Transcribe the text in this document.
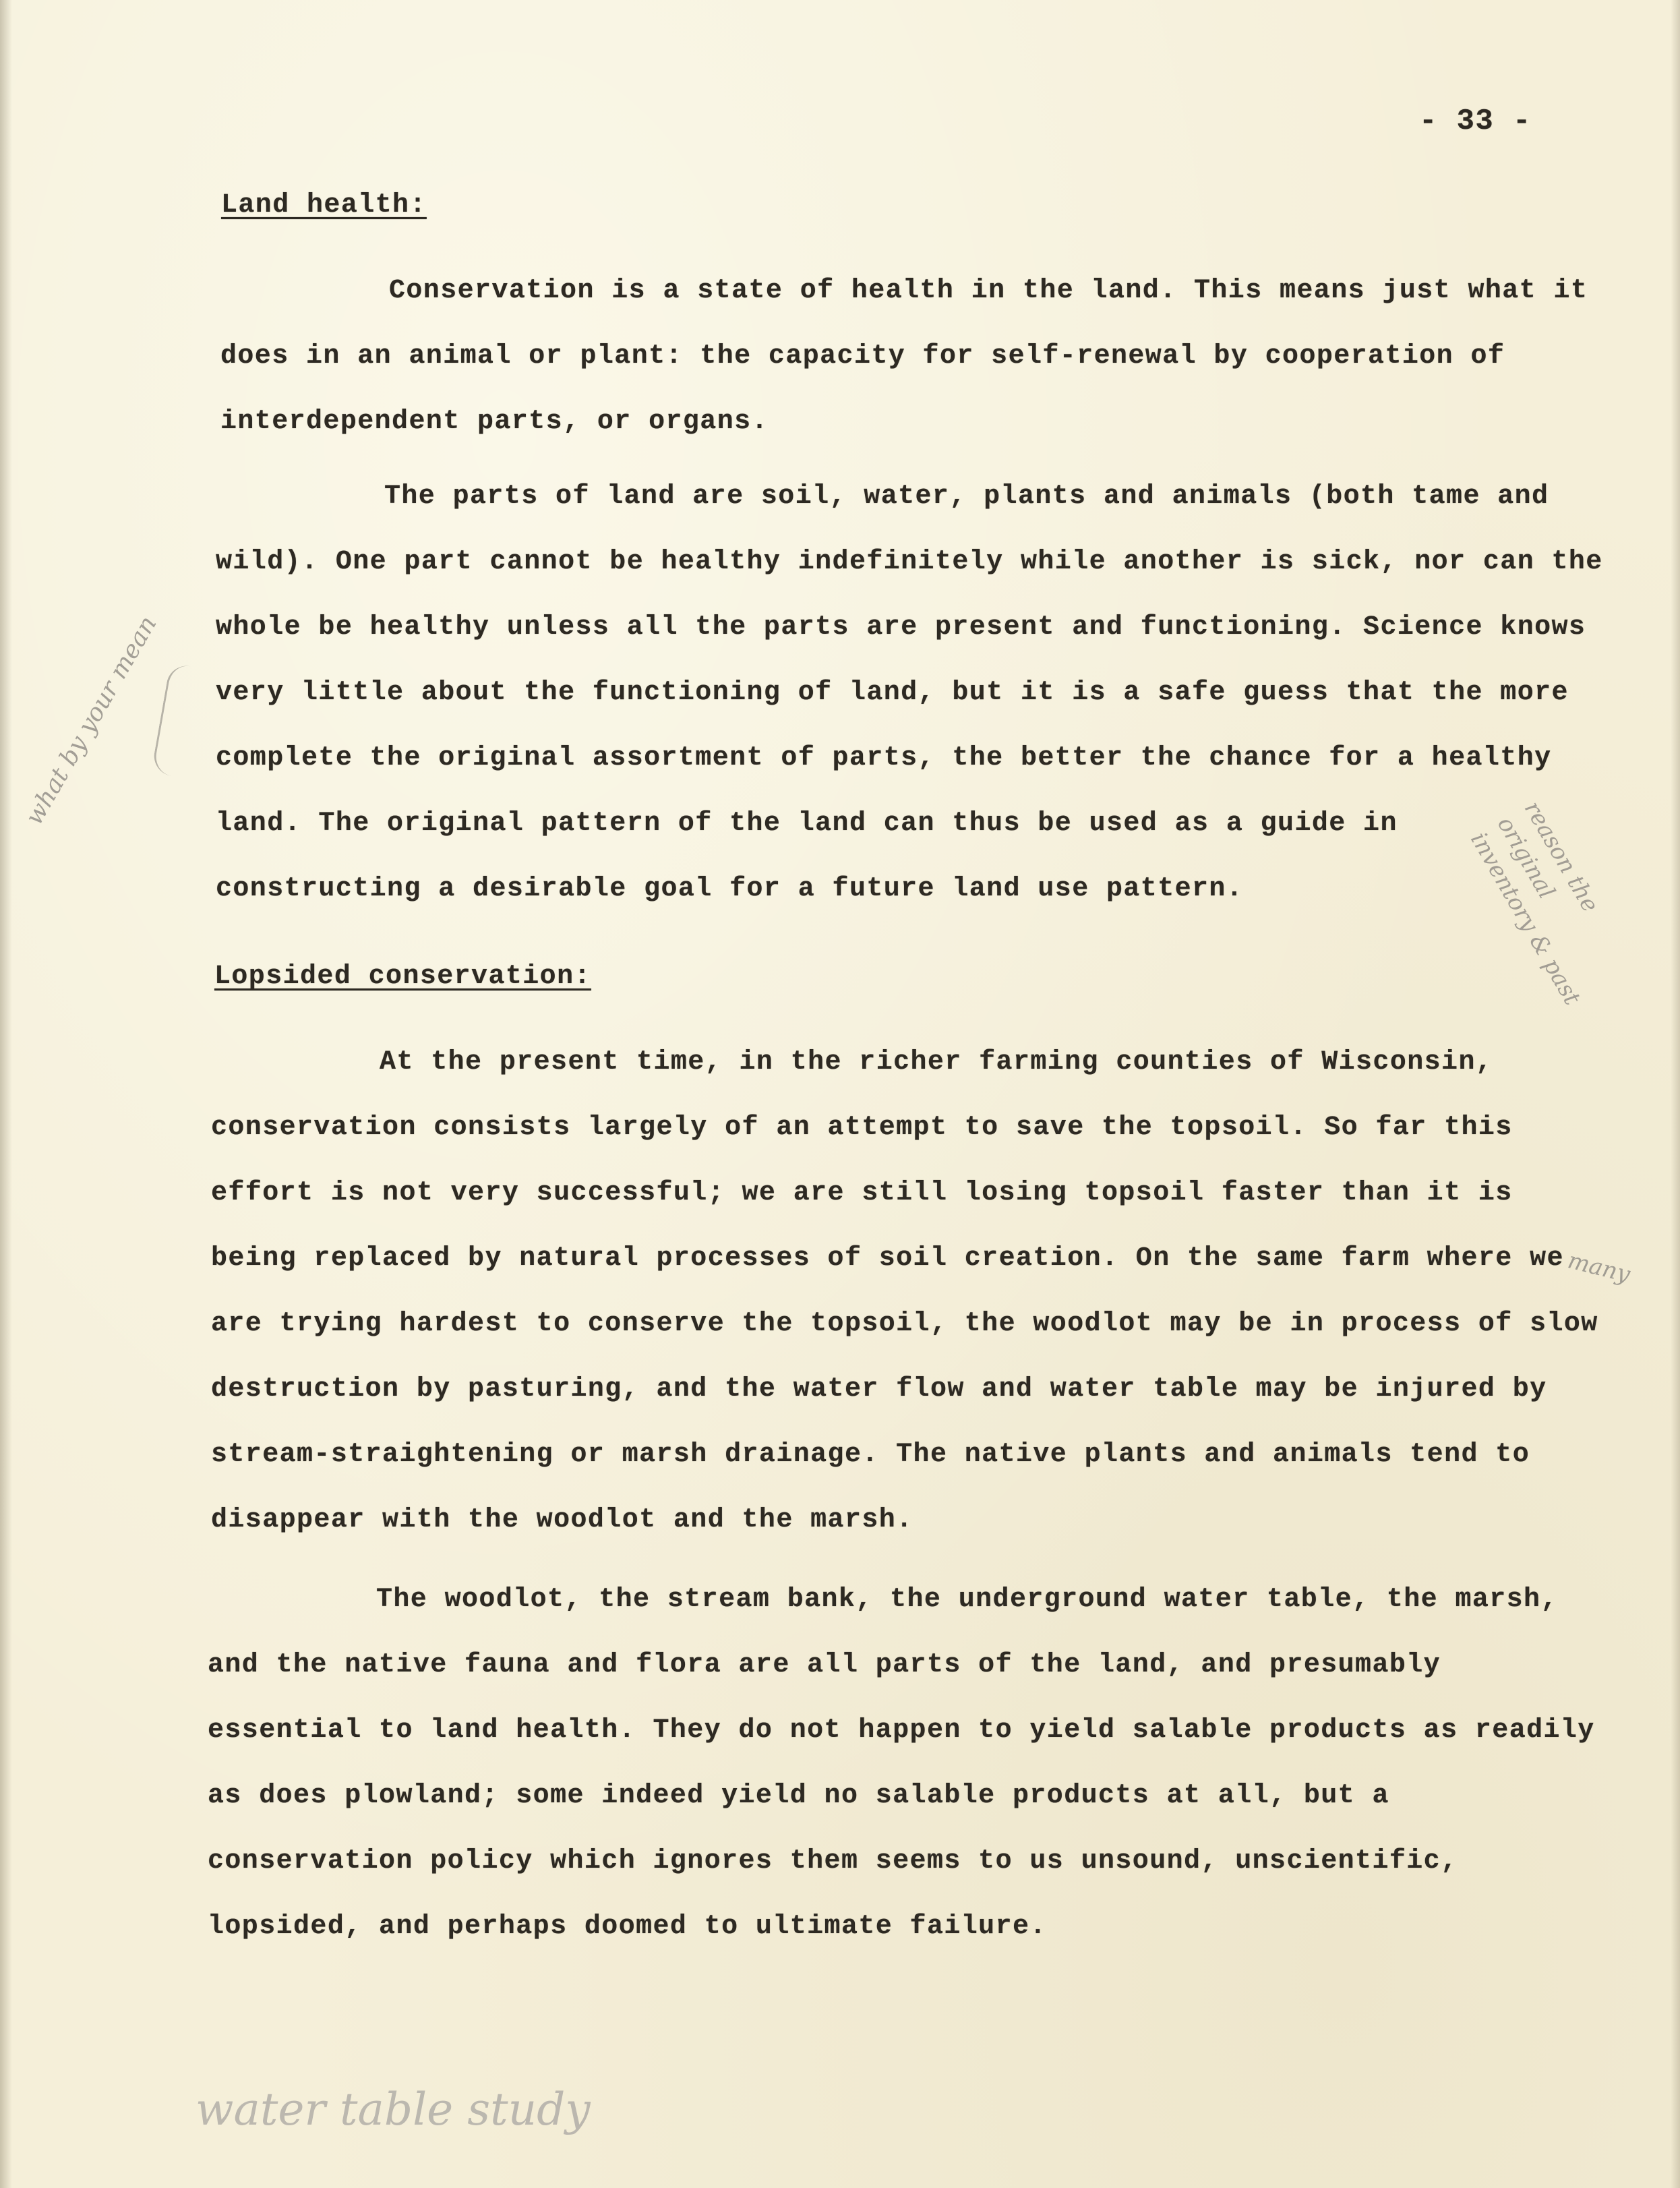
- 33 -
Land health:

Conservation is a state of health in the land. This means just what it does in an animal or plant: the capacity for self-renewal by cooperation of interdependent parts, or organs.

The parts of land are soil, water, plants and animals (both tame and wild). One part cannot be healthy indefinitely while another is sick, nor can the whole be healthy unless all the parts are present and functioning. Science knows very little about the functioning of land, but it is a safe guess that the more complete the original assortment of parts, the better the chance for a healthy land. The original pattern of the land can thus be used as a guide in constructing a desirable goal for a future land use pattern.

Lopsided conservation:

At the present time, in the richer farming counties of Wisconsin, conservation consists largely of an attempt to save the topsoil. So far this effort is not very successful; we are still losing topsoil faster than it is being replaced by natural processes of soil creation. On the same farm where we are trying hardest to conserve the topsoil, the woodlot may be in process of slow destruction by pasturing, and the water flow and water table may be injured by stream-straightening or marsh drainage. The native plants and animals tend to disappear with the woodlot and the marsh.

The woodlot, the stream bank, the underground water table, the marsh, and the native fauna and flora are all parts of the land, and presumably essential to land health. They do not happen to yield salable products as readily as does plowland; some indeed yield no salable products at all, but a conservation policy which ignores them seems to us unsound, unscientific, lopsided, and perhaps doomed to ultimate failure.

what by your mean
reason the original inventory & past
many
water table study
